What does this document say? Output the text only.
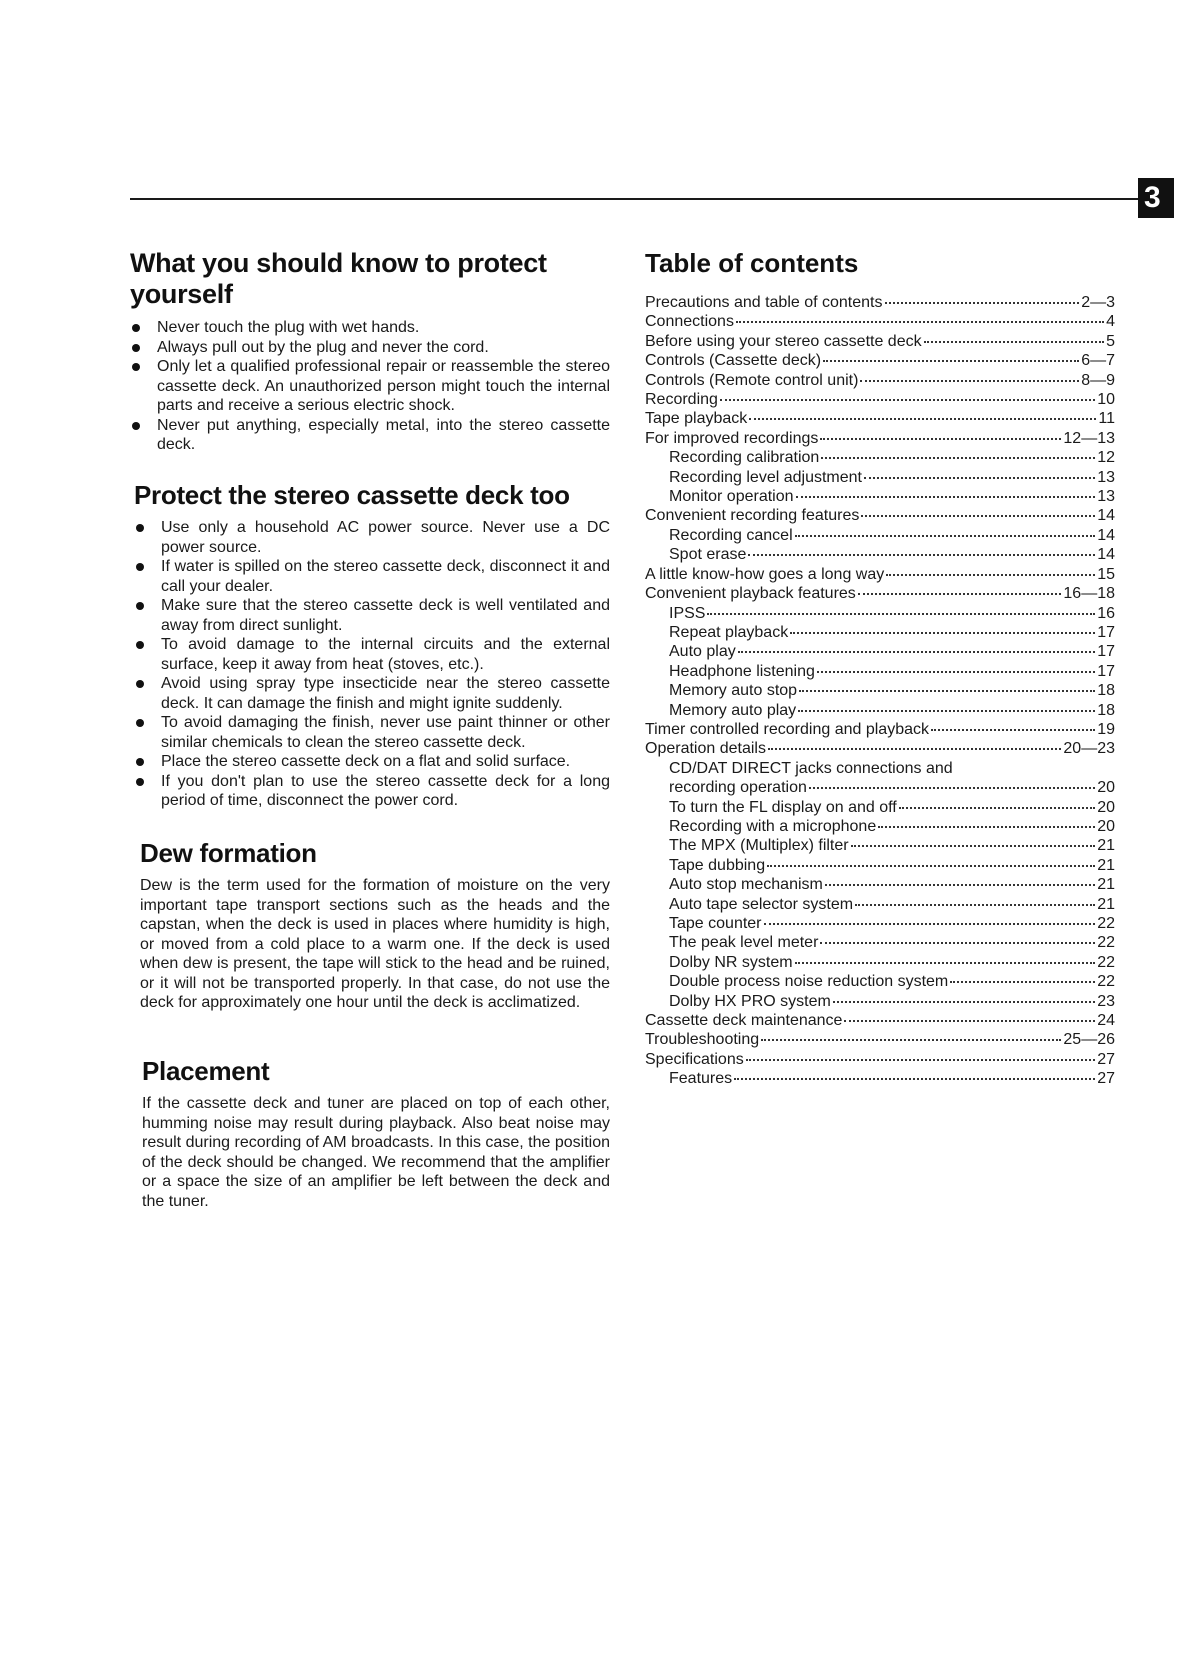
3
What you should know to protect yourself
Never touch the plug with wet hands.
Always pull out by the plug and never the cord.
Only let a qualified professional repair or reassemble the stereo cassette deck. An unauthorized person might touch the internal parts and receive a serious electric shock.
Never put anything, especially metal, into the stereo cassette deck.
Protect the stereo cassette deck too
Use only a household AC power source. Never use a DC power source.
If water is spilled on the stereo cassette deck, disconnect it and call your dealer.
Make sure that the stereo cassette deck is well ventilated and away from direct sunlight.
To avoid damage to the internal circuits and the external surface, keep it away from heat (stoves, etc.).
Avoid using spray type insecticide near the stereo cassette deck. It can damage the finish and might ignite suddenly.
To avoid damaging the finish, never use paint thinner or other similar chemicals to clean the stereo cassette deck.
Place the stereo cassette deck on a flat and solid surface.
If you don't plan to use the stereo cassette deck for a long period of time, disconnect the power cord.
Dew formation

Dew is the term used for the formation of moisture on the very important tape transport sections such as the heads and the capstan, when the deck is used in places where humidity is high, or moved from a cold place to a warm one. If the deck is used when dew is present, the tape will stick to the head and be ruined, or it will not be transported properly. In that case, do not use the deck for approximately one hour until the deck is acclimatized.

Placement

If the cassette deck and tuner are placed on top of each other, humming noise may result during playback. Also beat noise may result during recording of AM broadcasts. In this case, the position of the deck should be changed. We recommend that the amplifier or a space the size of an amplifier be left between the deck and the tuner.

Table of contents
Precautions and table of contents	2—3
Connections	4
Before using your stereo cassette deck	5
Controls (Cassette deck)	6—7
Controls (Remote control unit)	8—9
Recording	10
Tape playback	11
For improved recordings	12—13
Recording calibration	12
Recording level adjustment	13
Monitor operation	13
Convenient recording features	14
Recording cancel	14
Spot erase	14
A little know-how goes a long way	15
Convenient playback features	16—18
IPSS	16
Repeat playback	17
Auto play	17
Headphone listening	17
Memory auto stop	18
Memory auto play	18
Timer controlled recording and playback	19
Operation details	20—23
CD/DAT DIRECT jacks connections and
recording operation	20
To turn the FL display on and off	20
Recording with a microphone	20
The MPX (Multiplex) filter	21
Tape dubbing	21
Auto stop mechanism	21
Auto tape selector system	21
Tape counter	22
The peak level meter	22
Dolby NR system	22
Double process noise reduction system	22
Dolby HX PRO system	23
Cassette deck maintenance	24
Troubleshooting	25—26
Specifications	27
Features	27
